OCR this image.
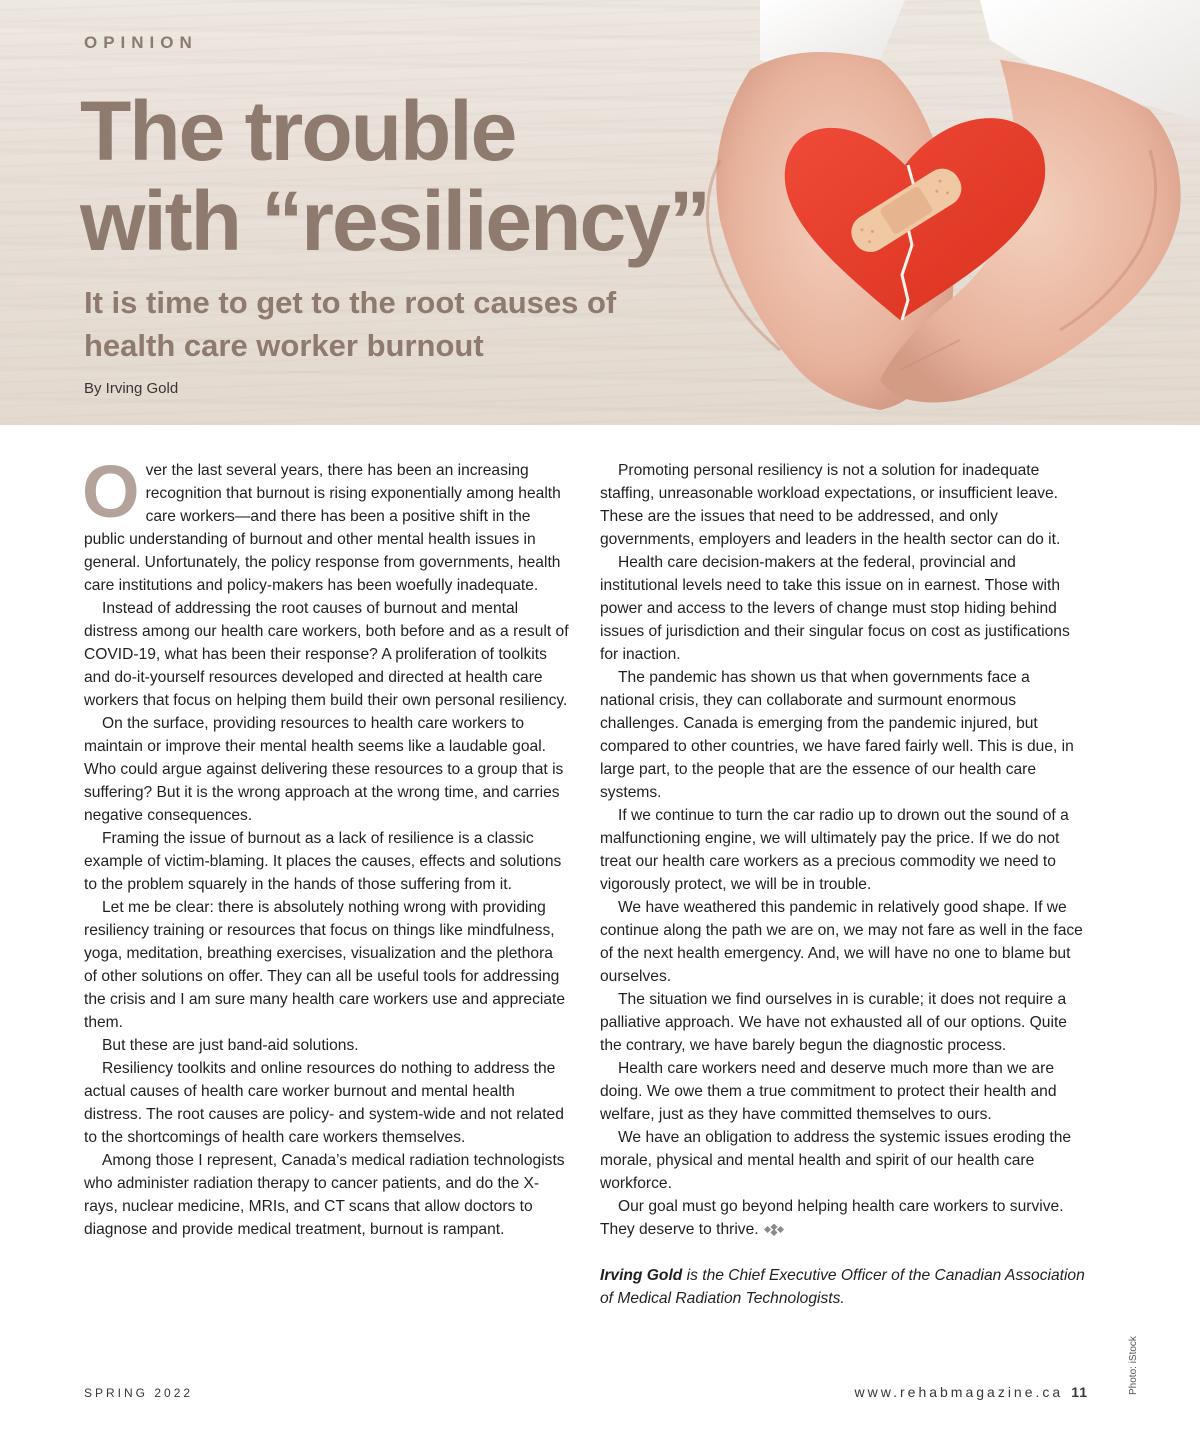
OPINION
The trouble
with “resiliency”
It is time to get to the root causes of
health care worker burnout
By Irving Gold

Over the last several years, there has been an increasing recognition that burnout is rising exponentially among health care workers—and there has been a positive shift in the public understanding of burnout and other mental health issues in general. Unfortunately, the policy response from governments, health care institutions and policy-makers has been woefully inadequate.

Instead of addressing the root causes of burnout and mental distress among our health care workers, both before and as a result of COVID-19, what has been their response? A proliferation of toolkits and do-it-yourself resources developed and directed at health care workers that focus on helping them build their own personal resiliency.

On the surface, providing resources to health care workers to maintain or improve their mental health seems like a laudable goal. Who could argue against delivering these resources to a group that is suffering? But it is the wrong approach at the wrong time, and carries negative consequences.

Framing the issue of burnout as a lack of resilience is a classic example of victim-blaming. It places the causes, effects and solutions to the problem squarely in the hands of those suffering from it.

Let me be clear: there is absolutely nothing wrong with providing resiliency training or resources that focus on things like mindfulness, yoga, meditation, breathing exercises, visualization and the plethora of other solutions on offer. They can all be useful tools for addressing the crisis and I am sure many health care workers use and appreciate them.

But these are just band-aid solutions.

Resiliency toolkits and online resources do nothing to address the actual causes of health care worker burnout and mental health distress. The root causes are policy- and system-wide and not related to the shortcomings of health care workers themselves.

Among those I represent, Canada’s medical radiation technologists who administer radiation therapy to cancer patients, and do the X-rays, nuclear medicine, MRIs, and CT scans that allow doctors to diagnose and provide medical treatment, burnout is rampant.

Promoting personal resiliency is not a solution for inadequate staffing, unreasonable workload expectations, or insufficient leave. These are the issues that need to be addressed, and only governments, employers and leaders in the health sector can do it.

Health care decision-makers at the federal, provincial and institutional levels need to take this issue on in earnest. Those with power and access to the levers of change must stop hiding behind issues of jurisdiction and their singular focus on cost as justifications for inaction.

The pandemic has shown us that when governments face a national crisis, they can collaborate and surmount enormous challenges. Canada is emerging from the pandemic injured, but compared to other countries, we have fared fairly well. This is due, in large part, to the people that are the essence of our health care systems.

If we continue to turn the car radio up to drown out the sound of a malfunctioning engine, we will ultimately pay the price. If we do not treat our health care workers as a precious commodity we need to vigorously protect, we will be in trouble.

We have weathered this pandemic in relatively good shape. If we continue along the path we are on, we may not fare as well in the face of the next health emergency. And, we will have no one to blame but ourselves.

The situation we find ourselves in is curable; it does not require a palliative approach. We have not exhausted all of our options. Quite the contrary, we have barely begun the diagnostic process.

Health care workers need and deserve much more than we are doing. We owe them a true commitment to protect their health and welfare, just as they have committed themselves to ours.

We have an obligation to address the systemic issues eroding the morale, physical and mental health and spirit of our health care workforce.

Our goal must go beyond helping health care workers to survive. They deserve to thrive.

Irving Gold is the Chief Executive Officer of the Canadian Association of Medical Radiation Technologists.

SPRING 2022	www.rehabmagazine.ca 11	Photo: iStock
